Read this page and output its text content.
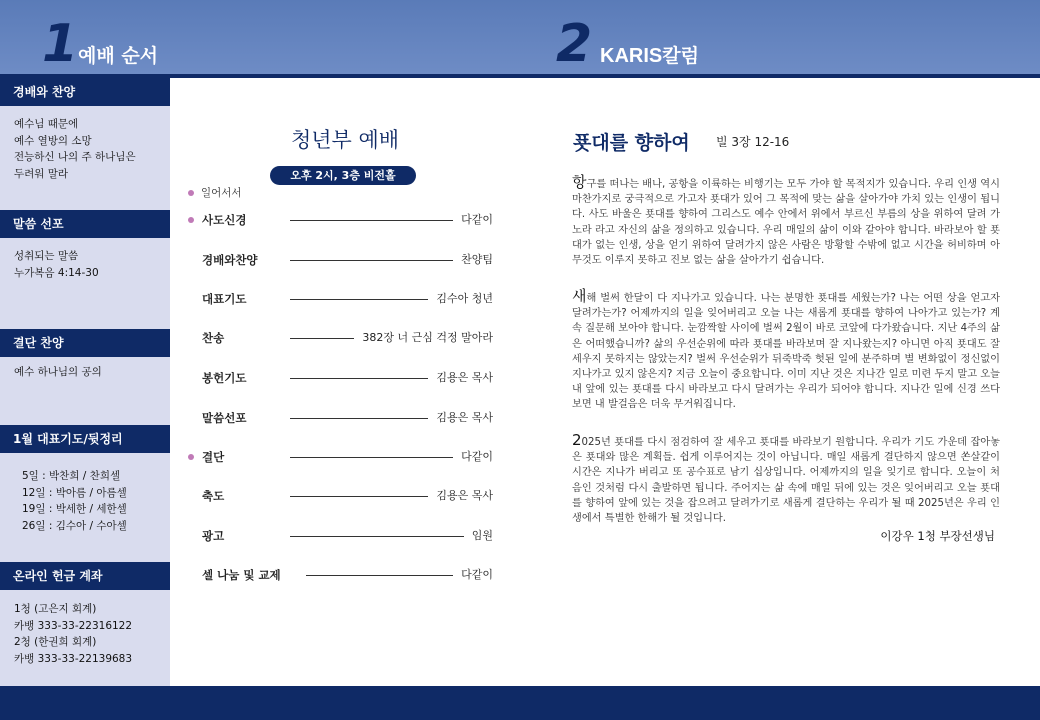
1 예배 순서	2 KARIS칼럼
경배와 찬양
예수님 때문에
예수 열방의 소망
전능하신 나의 주 하나님은
두려워 말라
말씀 선포
성취되는 말씀
누가복음 4:14-30
결단 찬양
예수 하나님의 공의
1월 대표기도/뒷정리
5일 : 박찬희 / 찬희셀
12일 : 박아름 / 아름셀
19일 : 박세한 / 세한셀
26일 : 김수아 / 수아셀
온라인 헌금 계좌
1청 (고은지 회계)
카뱅 333-33-22316122
2청 (한권희 회계)
카뱅 333-33-22139683
청년부 예배
오후 2시, 3층 비전홀
일어서서
사도신경	다같이
경배와찬양	찬양팀
대표기도	김수아 청년
찬송	382장 너 근심 걱정 말아라
봉헌기도	김용은 목사
말씀선포	김용은 목사
결단	다같이
축도	김용은 목사
광고	임원
셀 나눔 및 교제	다같이
푯대를 향하여 빌 3장 12-16
항구를 떠나는 배나, 공항을 이륙하는 비행기는 모두 가야 할 목적지가 있습니다. 우리 인생 역시 마찬가지로 궁극적으로 가고자 푯대가 있어 그 목적에 맞는 삶을 살아가야 가치 있는 인생이 됩니다. 사도 바울은 푯대를 향하여 그리스도 예수 안에서 위에서 부르신 부름의 상을 위하여 달려 가노라 라고 자신의 삶을 정의하고 있습니다. 우리 매일의 삶이 이와 같아야 합니다. 바라보아 할 푯대가 없는 인생, 상을 얻기 위하여 달려가지 않은 사람은 방황할 수밖에 없고 시간을 허비하며 아무것도 이루지 못하고 진보 없는 삶을 살아가기 쉽습니다.
새해 벌써 한달이 다 지나가고 있습니다. 나는 분명한 푯대를 세웠는가? 나는 어떤 상을 얻고자 달려가는가? 어제까지의 일을 잊어버리고 오늘 나는 새롭게 푯대를 향하여 나아가고 있는가? 계속 질문해 보아야 합니다. 눈깜짝할 사이에 벌써 2월이 바로 코앞에 다가왔습니다. 지난 4주의 삶은 어떠했습니까? 삶의 우선순위에 따라 푯대를 바라보며 잘 지나왔는지? 아니면 아직 푯대도 잘 세우지 못하지는 않았는지? 벌써 우선순위가 뒤죽박죽 헛된 일에 분주하며 별 변화없이 정신없이 지나가고 있지 않은지? 지금 오늘이 중요합니다. 이미 지난 것은 지나간 일로 미련 두지 말고 오늘 내 앞에 있는 푯대를 다시 바라보고 다시 달려가는 우리가 되어야 합니다. 지나간 일에 신경 쓰다 보면 내 발걸음은 더욱 무거워집니다.
2025년 푯대를 다시 점검하여 잘 세우고 푯대를 바라보기 원합니다. 우리가 기도 가운데 잡아놓은 푯대와 많은 계획들. 쉽게 이루어지는 것이 아닙니다. 매일 새롭게 결단하지 않으면 쏜살같이 시간은 지나가 버리고 또 공수표로 남기 십상입니다. 어제까지의 일을 잊기로 합니다. 오늘이 처음인 것처럼 다시 출발하면 됩니다. 주어지는 삶 속에 매일 뒤에 있는 것은 잊어버리고 오늘 푯대를 향하여 앞에 있는 것을 잡으려고 달려가기로 새롭게 결단하는 우리가 될 때 2025년은 우리 인생에서 특별한 한해가 될 것입니다.
이강우 1청 부장선생님
